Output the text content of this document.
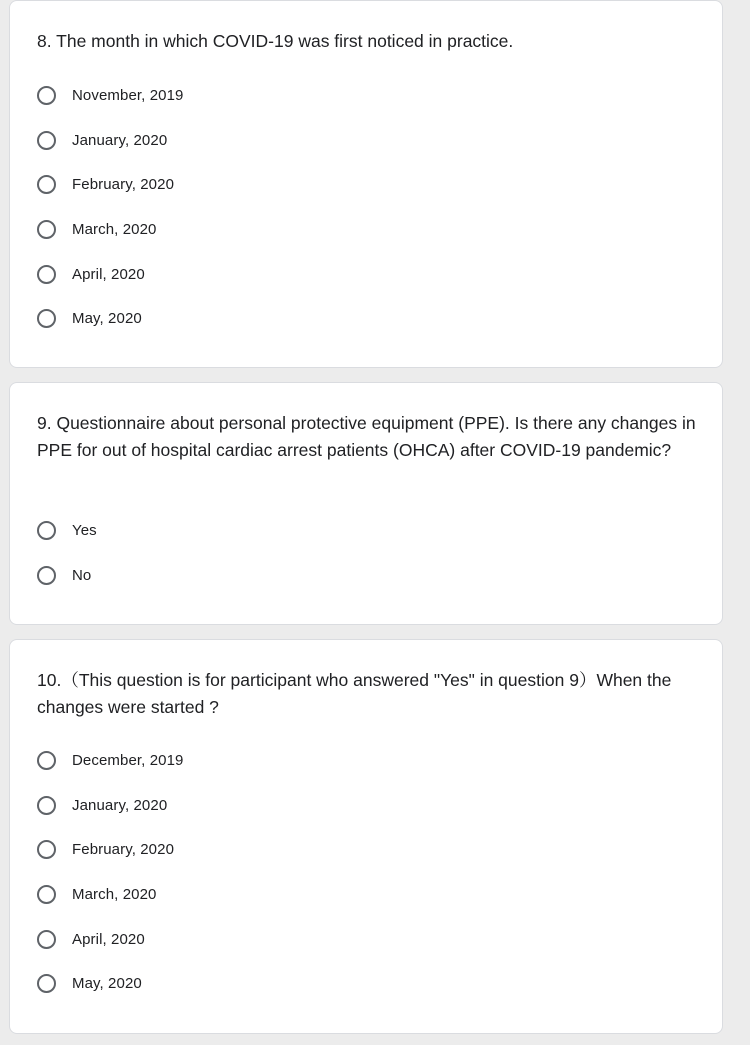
8. The month in which COVID-19 was first noticed in practice.

November, 2019
January, 2020
February, 2020
March, 2020
April, 2020
May, 2020

9. Questionnaire about personal protective equipment (PPE). Is there any changes in PPE for out of hospital cardiac arrest patients (OHCA) after COVID-19 pandemic?

Yes
No

10.（This question is for participant who answered "Yes" in question 9）When the changes were started ?

December, 2019
January, 2020
February, 2020
March, 2020
April, 2020
May, 2020
